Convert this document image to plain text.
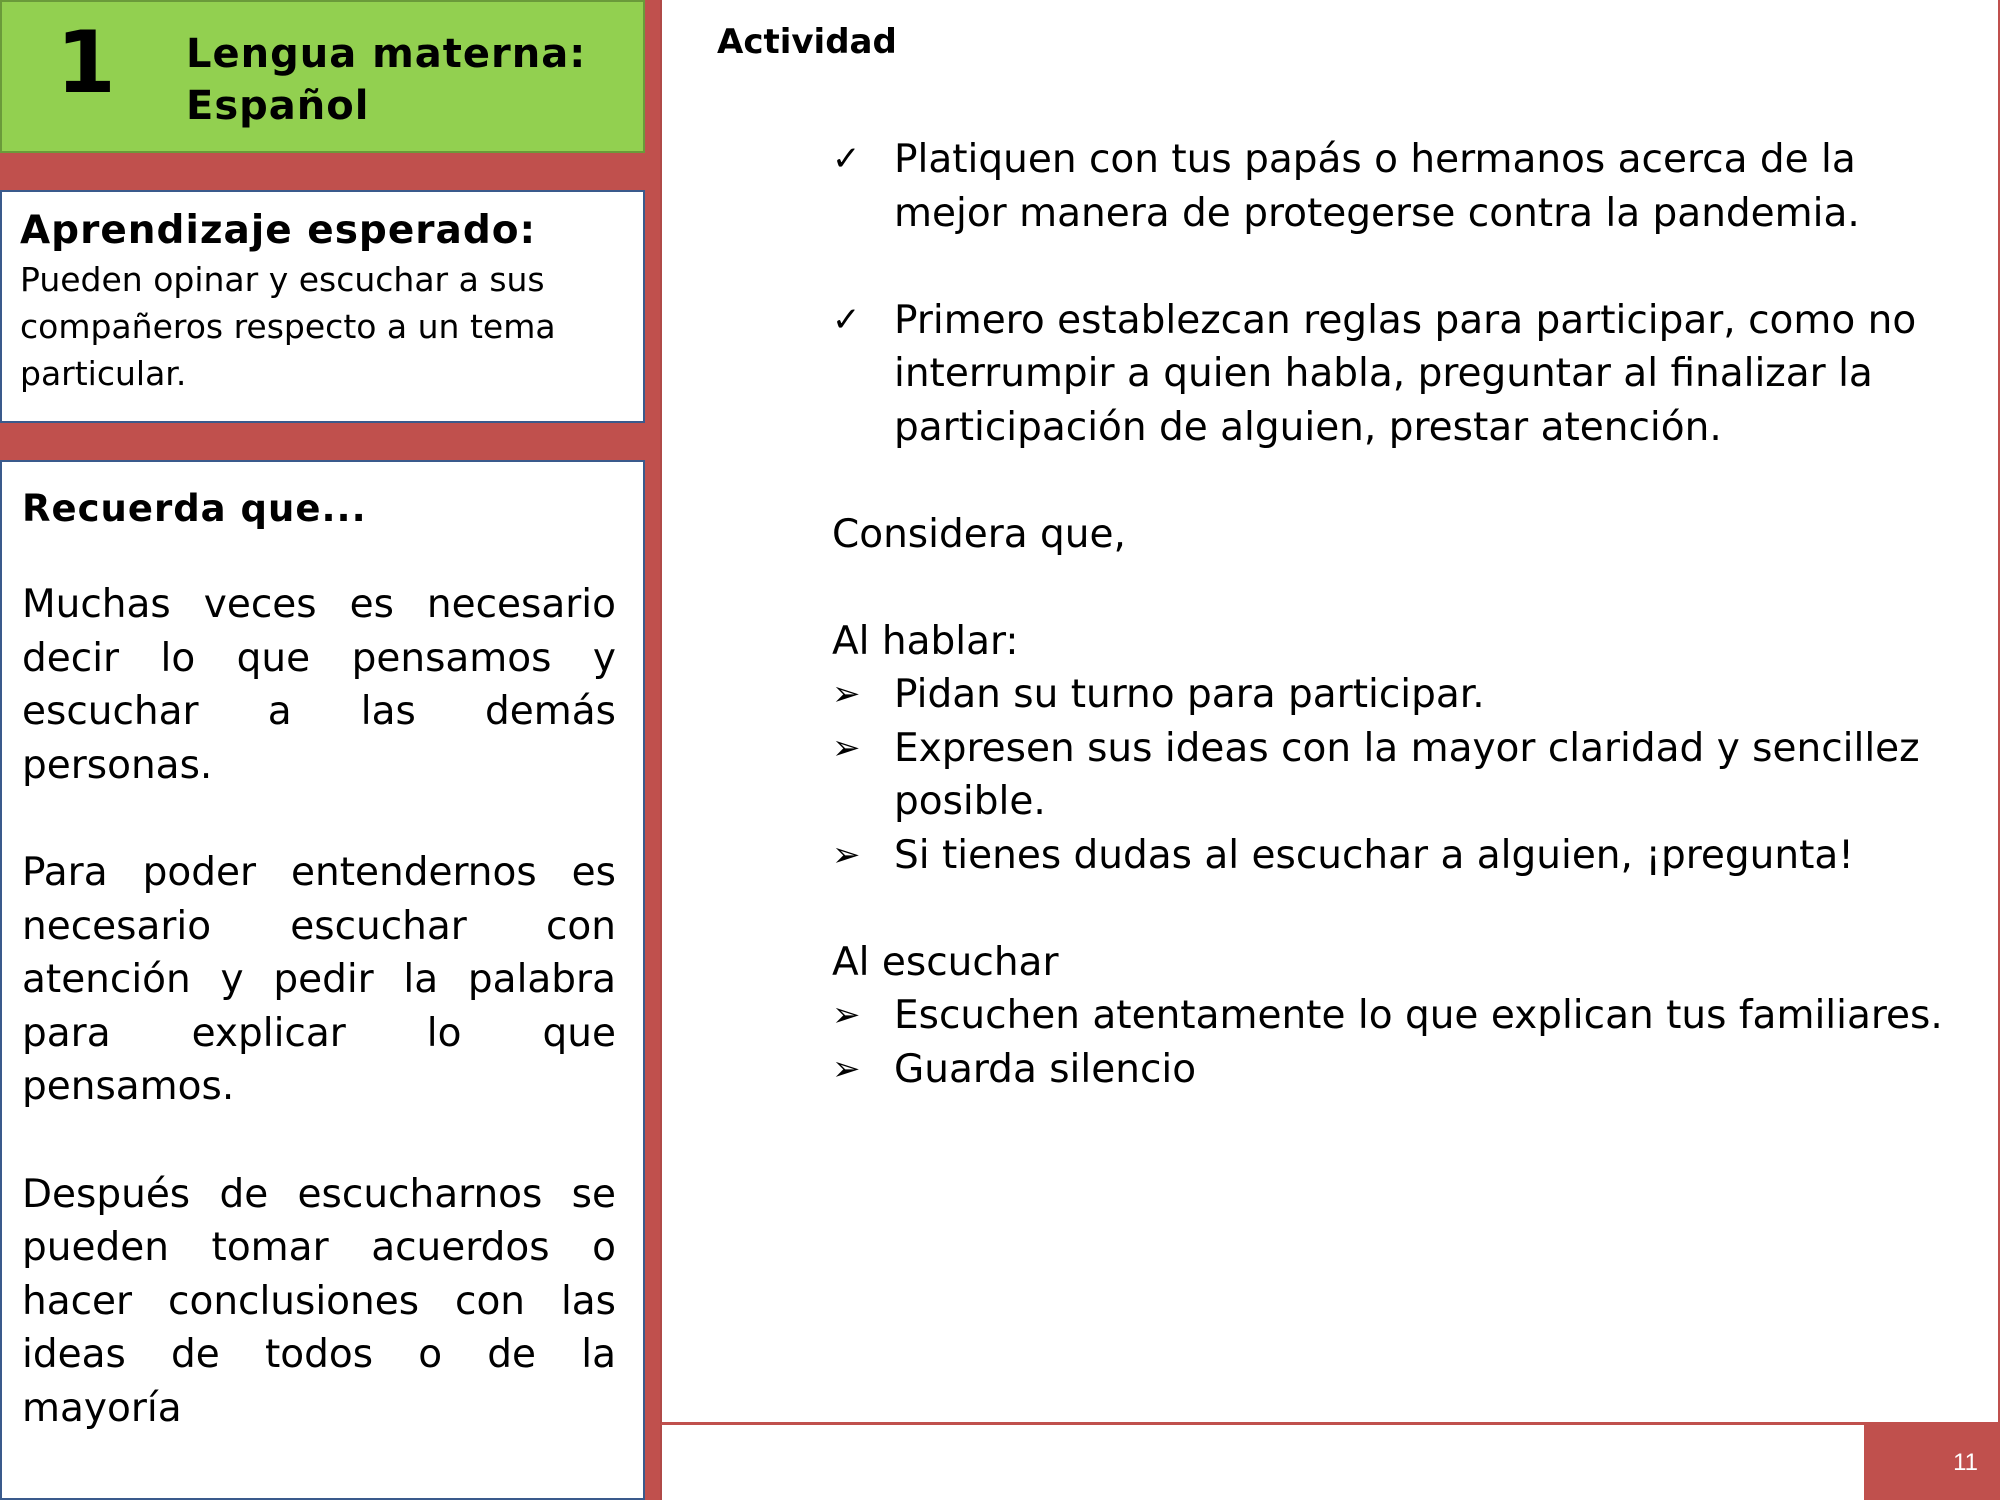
1 Lengua materna:
Español
Aprendizaje esperado:
Pueden opinar y escuchar a sus compañeros respecto a un tema particular.
Recuerda que...

Muchas veces es necesario decir lo que pensamos y escuchar a las demás personas.

Para poder entendernos es necesario escuchar con atención y pedir la palabra para explicar lo que pensamos.

Después de escucharnos se pueden tomar acuerdos o hacer conclusiones con las ideas de todos o de la mayoría

Actividad
✓ Platiquen con tus papás o hermanos acerca de la mejor manera de protegerse contra la pandemia.
✓ Primero establezcan reglas para participar, como no interrumpir a quien habla, preguntar al finalizar la participación de alguien, prestar atención.
Considera que,
Al hablar:
➢ Pidan su turno para participar.
➢ Expresen sus ideas con la mayor claridad y sencillez posible.
➢ Si tienes dudas al escuchar a alguien, ¡pregunta!
Al escuchar
➢ Escuchen atentamente lo que explican tus familiares.
➢ Guarda silencio
11
